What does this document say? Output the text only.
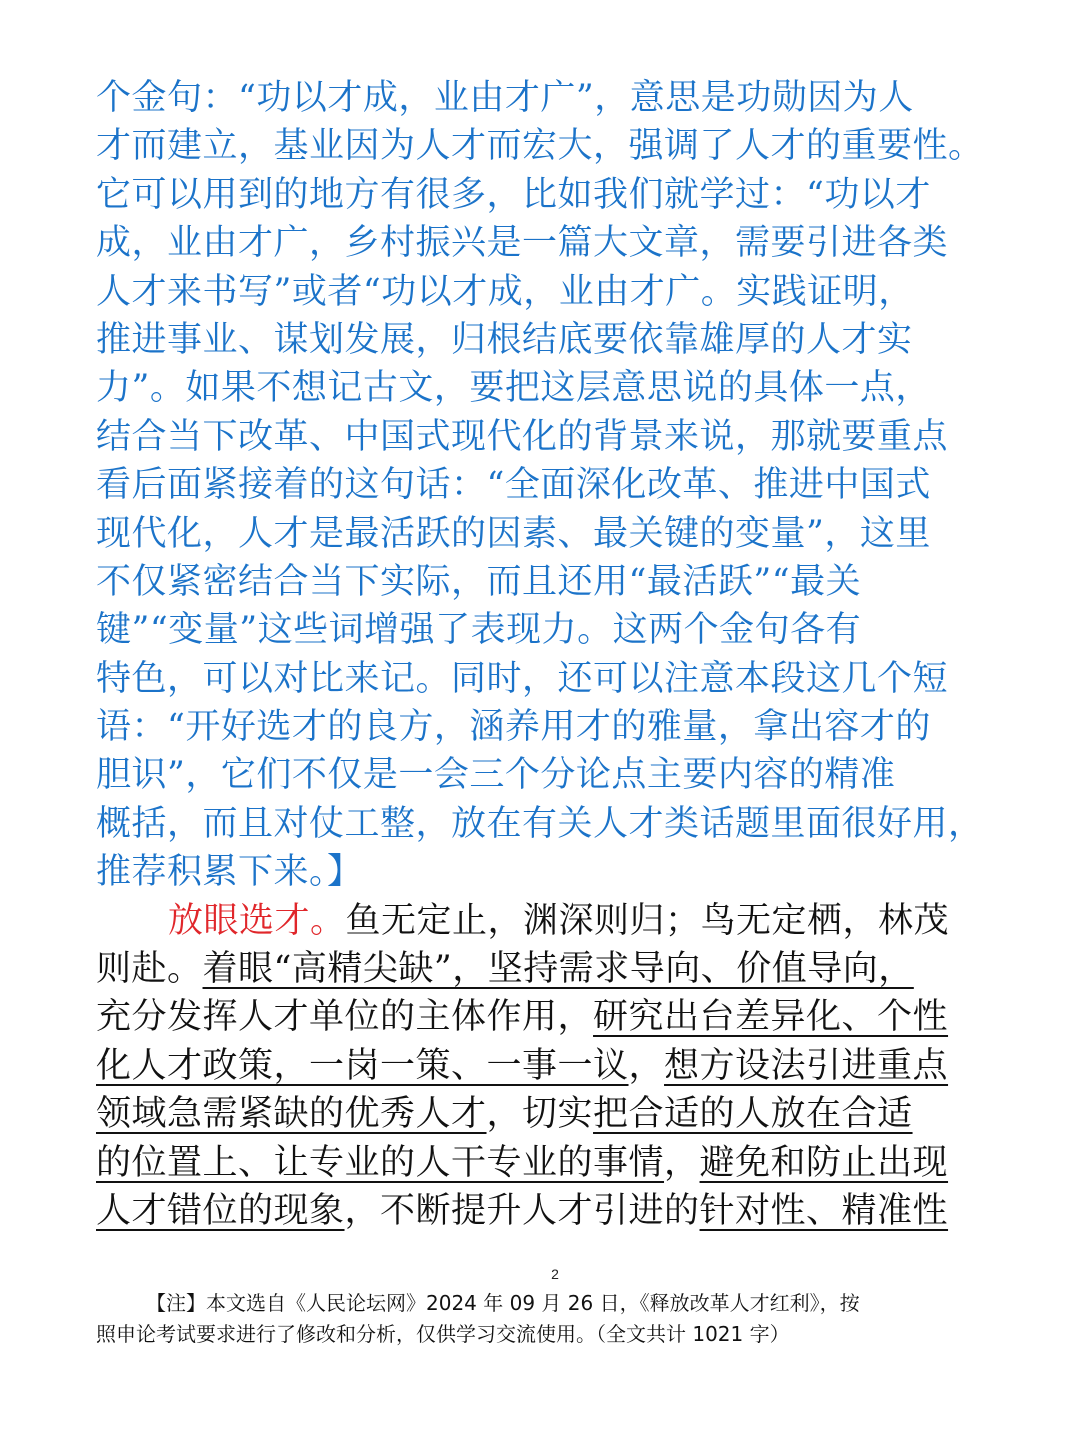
个金句：“功以才成，业由才广”，意思是功勋因为人
才而建立，基业因为人才而宏大，强调了人才的重要性。
它可以用到的地方有很多，比如我们就学过：“功以才
成，业由才广，乡村振兴是一篇大文章，需要引进各类
人才来书写”或者“功以才成，业由才广。实践证明，
推进事业、谋划发展，归根结底要依靠雄厚的人才实
力”。如果不想记古文，要把这层意思说的具体一点，
结合当下改革、中国式现代化的背景来说，那就要重点
看后面紧接着的这句话：“全面深化改革、推进中国式
现代化，人才是最活跃的因素、最关键的变量”，这里
不仅紧密结合当下实际，而且还用“最活跃”“最关
键”“变量”这些词增强了表现力。这两个金句各有
特色，可以对比来记。同时，还可以注意本段这几个短
语：“开好选才的良方，涵养用才的雅量，拿出容才的
胆识”，它们不仅是一会三个分论点主要内容的精准
概括，而且对仗工整，放在有关人才类话题里面很好用，
推荐积累下来。】
放眼选才。鱼无定止，渊深则归；鸟无定栖，林茂
则赴。着眼“高精尖缺”，坚持需求导向、价值导向，
充分发挥人才单位的主体作用，研究出台差异化、个性
化人才政策，一岗一策、一事一议，想方设法引进重点
领域急需紧缺的优秀人才，切实把合适的人放在合适
的位置上、让专业的人干专业的事情，避免和防止出现
人才错位的现象，不断提升人才引进的针对性、精准性
2
【注】本文选自《人民论坛网》2024 年 09 月 26 日，《释放改革人才红利》，按
照申论考试要求进行了修改和分析，仅供学习交流使用。（全文共计 1021 字）
